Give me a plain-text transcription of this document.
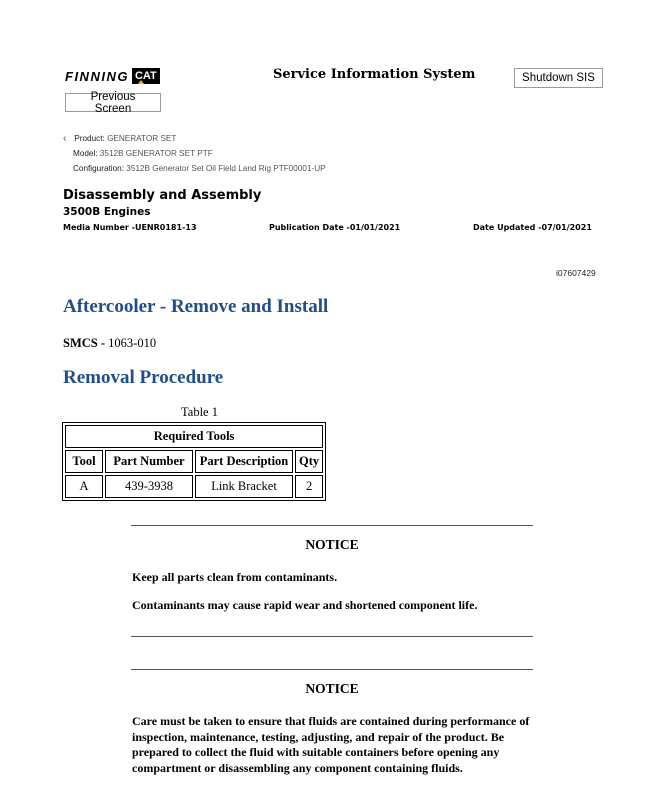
FINNING CAT	Service Information System	Shutdown SIS
Previous Screen
‹ Product: GENERATOR SET
Model: 3512B GENERATOR SET PTF
Configuration: 3512B Generator Set Oil Field Land Rig PTF00001-UP
Disassembly and Assembly
3500B Engines
Media Number -UENR0181-13	Publication Date -01/01/2021	Date Updated -07/01/2021
i07607429
Aftercooler - Remove and Install
SMCS - 1063-010
Removal Procedure
Table 1
Required Tools			
Tool	Part Number	Part Description	Qty
A	439-3938	Link Bracket	2
NOTICE
Keep all parts clean from contaminants.
Contaminants may cause rapid wear and shortened component life.
NOTICE
Care must be taken to ensure that fluids are contained during performance of inspection, maintenance, testing, adjusting, and repair of the product. Be prepared to collect the fluid with suitable containers before opening any compartment or disassembling any component containing fluids.
